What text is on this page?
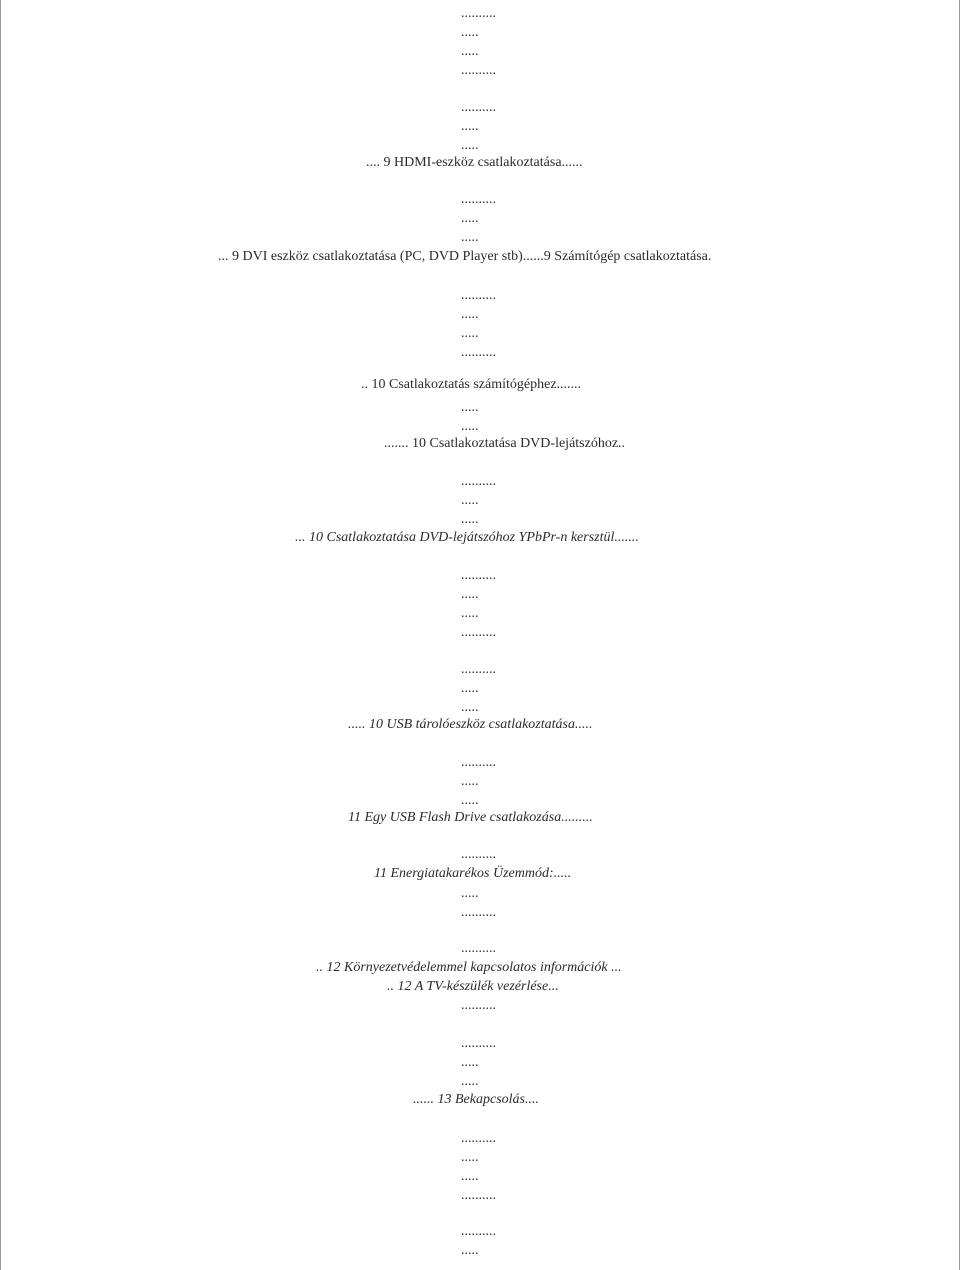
..........
.....
.....
..........
..........
.....
.....
.... 9 HDMI-eszköz csatlakoztatása......
..........
.....
.....
... 9 DVI eszköz csatlakoztatása (PC, DVD Player stb)......9 Számítógép csatlakoztatása.
..........
.....
.....
..........
.. 10 Csatlakoztatás számítógéphez.......
.....
.....
....... 10 Csatlakoztatása DVD-lejátszóhoz..
..........
.....
.....
... 10 Csatlakoztatása DVD-lejátszóhoz YPbPr-n kersztül.......
..........
.....
.....
..........
..........
.....
.....
..... 10 USB tárolóeszköz csatlakoztatása.....
..........
.....
.....
11 Egy USB Flash Drive csatlakozása.........
..........
11 Energiatakarékos Üzemmód:.....
.....
..........
..........
.. 12 Környezetvédelemmel kapcsolatos információk ...
.. 12 A TV-készülék vezérlése...
..........
..........
.....
.....
...... 13 Bekapcsolás....
..........
.....
.....
..........
..........
.....
